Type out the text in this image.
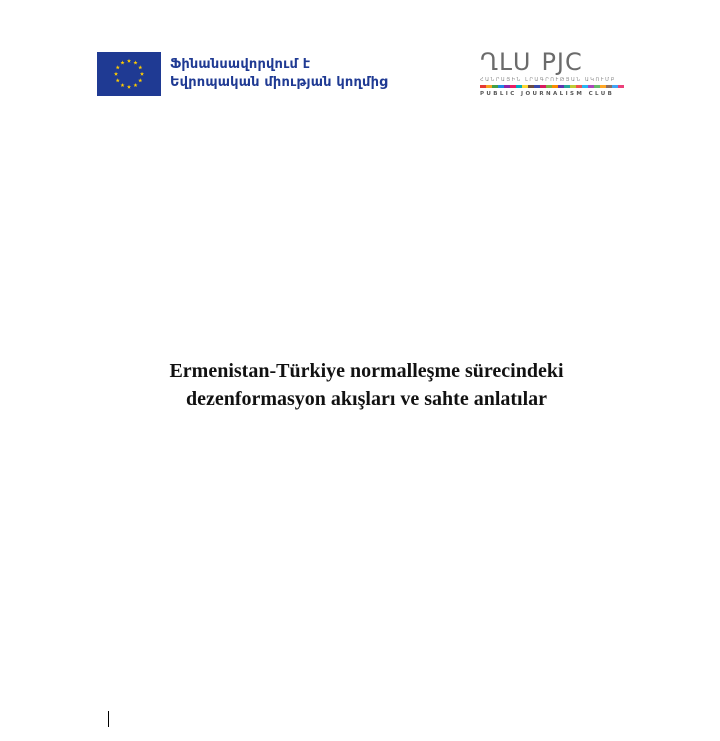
Ֆինանսավորվում է
Եվրոպական միության կողմից
ՂԼՍ PJC
ՀԱՆՐԱՅԻՆ ԼՐԱԳՐՈՒԹՅԱՆ ԱԿՈՒՄԲ
PUBLIC JOURNALISM CLUB
Ermenistan-Türkiye normalleşme sürecindeki
dezenformasyon akışları ve sahte anlatılar
